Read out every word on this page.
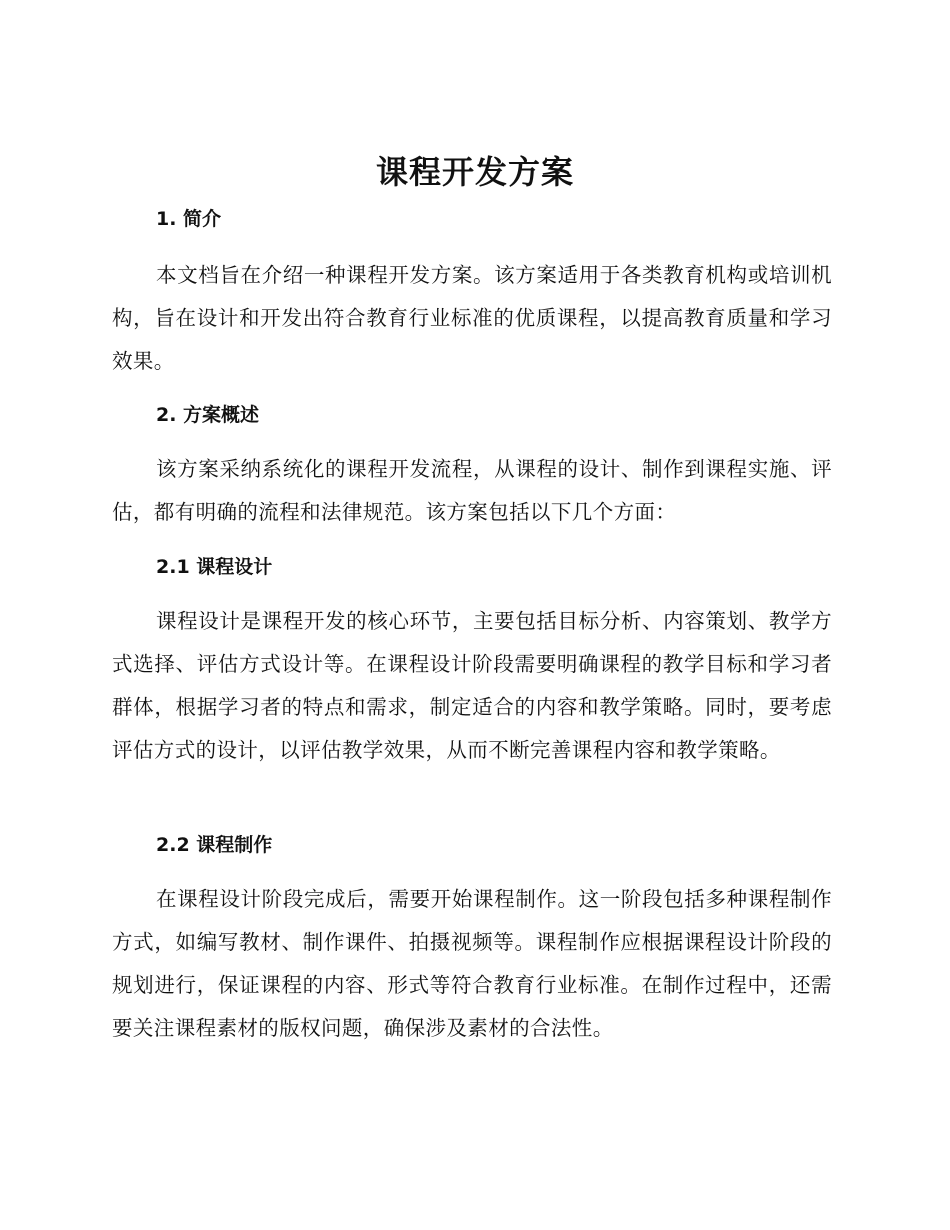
课程开发方案
1. 简介

本文档旨在介绍一种课程开发方案。该方案适用于各类教育机构或培训机构，旨在设计和开发出符合教育行业标准的优质课程，以提高教育质量和学习效果。

2. 方案概述

该方案采纳系统化的课程开发流程，从课程的设计、制作到课程实施、评估，都有明确的流程和法律规范。该方案包括以下几个方面：

2.1 课程设计

课程设计是课程开发的核心环节，主要包括目标分析、内容策划、教学方式选择、评估方式设计等。在课程设计阶段需要明确课程的教学目标和学习者群体，根据学习者的特点和需求，制定适合的内容和教学策略。同时，要考虑评估方式的设计，以评估教学效果，从而不断完善课程内容和教学策略。

2.2 课程制作

在课程设计阶段完成后，需要开始课程制作。这一阶段包括多种课程制作方式，如编写教材、制作课件、拍摄视频等。课程制作应根据课程设计阶段的规划进行，保证课程的内容、形式等符合教育行业标准。在制作过程中，还需要关注课程素材的版权问题，确保涉及素材的合法性。
